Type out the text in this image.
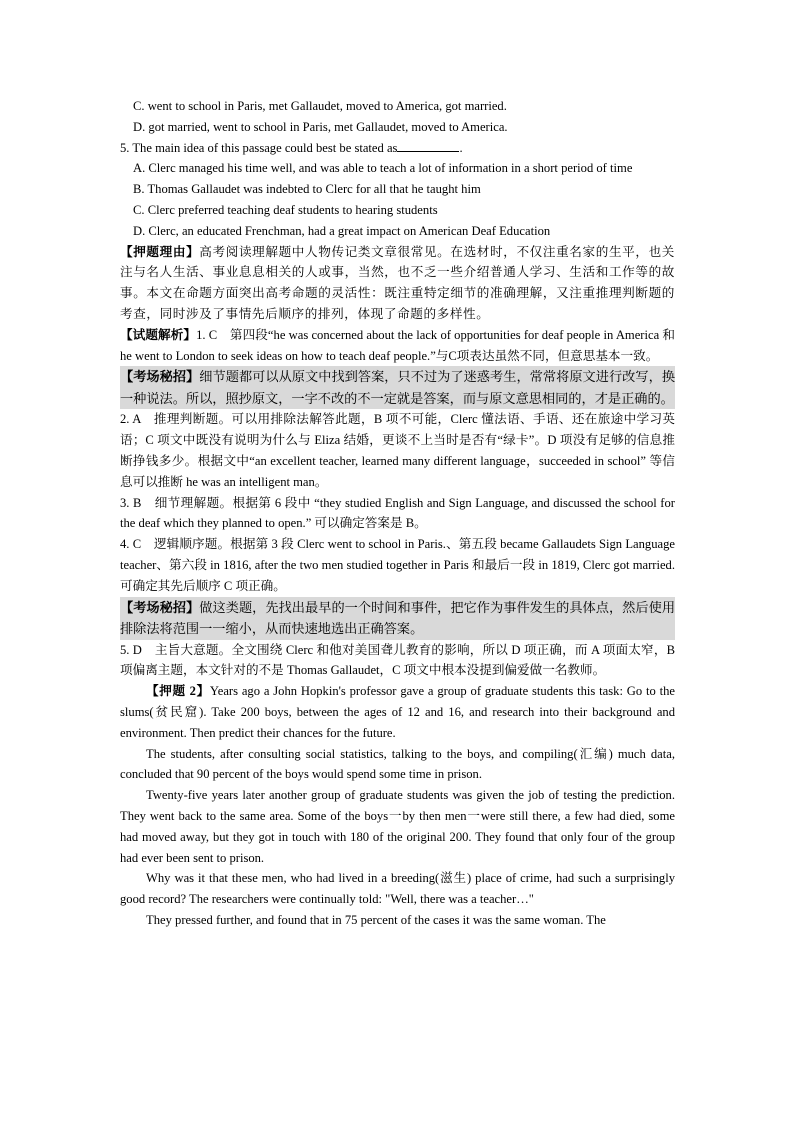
C. went to school in Paris, met Gallaudet, moved to America, got married.
D. got married, went to school in Paris, met Gallaudet, moved to America.
5. The main idea of this passage could best be stated as	.
A. Clerc managed his time well, and was able to teach a lot of information in a short period of time
B. Thomas Gallaudet was indebted to Clerc for all that he taught him
C. Clerc preferred teaching deaf students to hearing students
D. Clerc, an educated Frenchman, had a great impact on American Deaf Education
【押题理由】高考阅读理解题中人物传记类文章很常见。在选材时，不仅注重名家的生平，也关注与名人生活、事业息息相关的人或事，当然，也不乏一些介绍普通人学习、生活和工作等的故事。本文在命题方面突出高考命题的灵活性：既注重特定细节的准确理解，又注重推理判断题的考查，同时涉及了事情先后顺序的排列，体现了命题的多样性。
【试题解析】1. C　第四段“he was concerned about the lack of opportunities for deaf people in America 和 he went to London to seek ideas on how to teach deaf people.”与C项表达虽然不同，但意思基本一致。
【考场秘招】细节题都可以从原文中找到答案，只不过为了迷惑考生，常常将原文进行改写，换一种说法。所以，照抄原文，一字不改的不一定就是答案，而与原文意思相同的，才是正确的。
2. A　推理判断题。可以用排除法解答此题，B 项不可能，Clerc 懂法语、手语、还在旅途中学习英语；C 项文中既没有说明为什么与 Eliza 结婚，更谈不上当时是否有“绿卡”。D 项没有足够的信息推断挣钱多少。根据文中“an excellent teacher, learned many different language，succeeded in school” 等信息可以推断 he was an intelligent man。
3. B　细节理解题。根据第 6 段中 “they studied English and Sign Language, and discussed the school for the deaf which they planned to open.” 可以确定答案是 B。
4. C　逻辑顺序题。根据第 3 段 Clerc went to school in Paris.、第五段 became Gallaudets Sign Language teacher、第六段 in 1816, after the two men studied together in Paris 和最后一段 in 1819, Clerc got married.可确定其先后顺序 C 项正确。
【考场秘招】做这类题，先找出最早的一个时间和事件，把它作为事件发生的具体点，然后使用排除法将范围一一缩小，从而快速地选出正确答案。
5. D　主旨大意题。全文围绕 Clerc 和他对美国聋儿教育的影响，所以 D 项正确，而 A 项面太窄，B 项偏离主题，本文针对的不是 Thomas Gallaudet，C 项文中根本没提到偏爱做一名教师。
【押题 2】Years ago a John Hopkin's professor gave a group of graduate students this task: Go to the slums(贫民窟). Take 200 boys, between the ages of 12 and 16, and research into their background and environment. Then predict their chances for the future.
The students, after consulting social statistics, talking to the boys, and compiling(汇编) much data, concluded that 90 percent of the boys would spend some time in prison.
Twenty-five years later another group of graduate students was given the job of testing the prediction. They went back to the same area. Some of the boys一by then men一were still there, a few had died, some had moved away, but they got in touch with 180 of the original 200. They found that only four of the group had ever been sent to prison.
Why was it that these men, who had lived in a breeding(滋生) place of crime, had such a surprisingly good record? The researchers were continually told: "Well, there was a teacher…"
They pressed further, and found that in 75 percent of the cases it was the same woman. The
